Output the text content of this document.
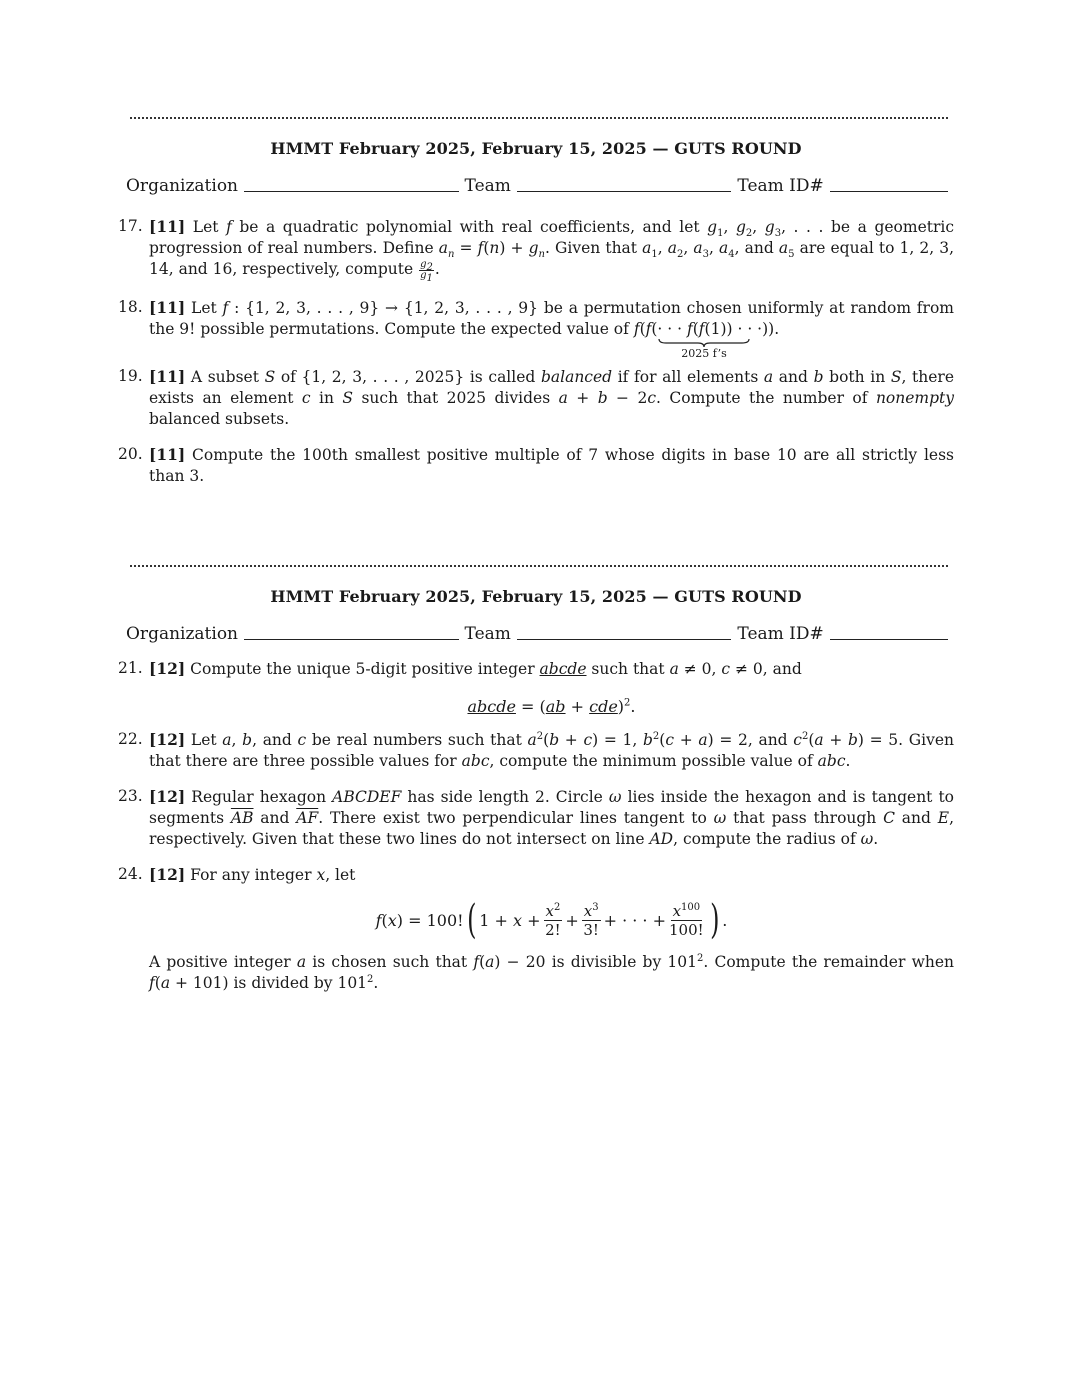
HMMT February 2025, February 15, 2025 — GUTS ROUND
Organization	Team	Team ID#
17. [11] Let f be a quadratic polynomial with real coefficients, and let $g_1$, $g_2$, $g_3$, . . . be a geometric progression of real numbers. Define $a_n = f(n) + g_n$. Given that $a_1$, $a_2$, $a_3$, $a_4$, and $a_5$ are equal to 1, 2, 3, 14, and 16, respectively, compute $\frac{g_2}{g_1}$ .
18. [11] Let f : {1, 2, 3, . . . , 9} → {1, 2, 3, . . . , 9} be a permutation chosen uniformly at random from the 9! possible permutations. Compute the expected value of f(f(· · · f(f(1)) · · ·))
2025 f’s
.
19. [11] A subset S of {1, 2, 3, . . . , 2025} is called balanced if for all elements a and b both in S, there exists an element c in S such that 2025 divides a + b − 2c. Compute the number of nonempty balanced subsets.
20. [11] Compute the 100th smallest positive multiple of 7 whose digits in base 10 are all strictly less than 3.
HMMT February 2025, February 15, 2025 — GUTS ROUND
Organization	Team	Team ID#
21. [12] Compute the unique 5-digit positive integer abcde such that a ≠ 0, c ≠ 0, and
abcde = (ab + cde)$^2$.
22. [12] Let a, b, and c be real numbers such that $a^2(b + c) = 1$, $b^2(c + a) = 2$, and $c^2(a + b) = 5$. Given that there are three possible values for abc, compute the minimum possible value of abc.
23. [12] Regular hexagon ABCDEF has side length 2. Circle ω lies inside the hexagon and is tangent to segments $\overline{AB}$ and $\overline{AF}$. There exist two perpendicular lines tangent to ω that pass through C and E, respectively. Given that these two lines do not intersect on line AD, compute the radius of ω.
24. [12] For any integer x, let
f(x) = 100! ( $1 + x + \frac{x^2}{2!} + \frac{x^3}{3!}$ + · · · + $\frac{x^{100}}{100!}$ ) .
A positive integer a is chosen such that f(a) − 20 is divisible by $101^2$. Compute the remainder when f(a + 101) is divided by $101^2$.
